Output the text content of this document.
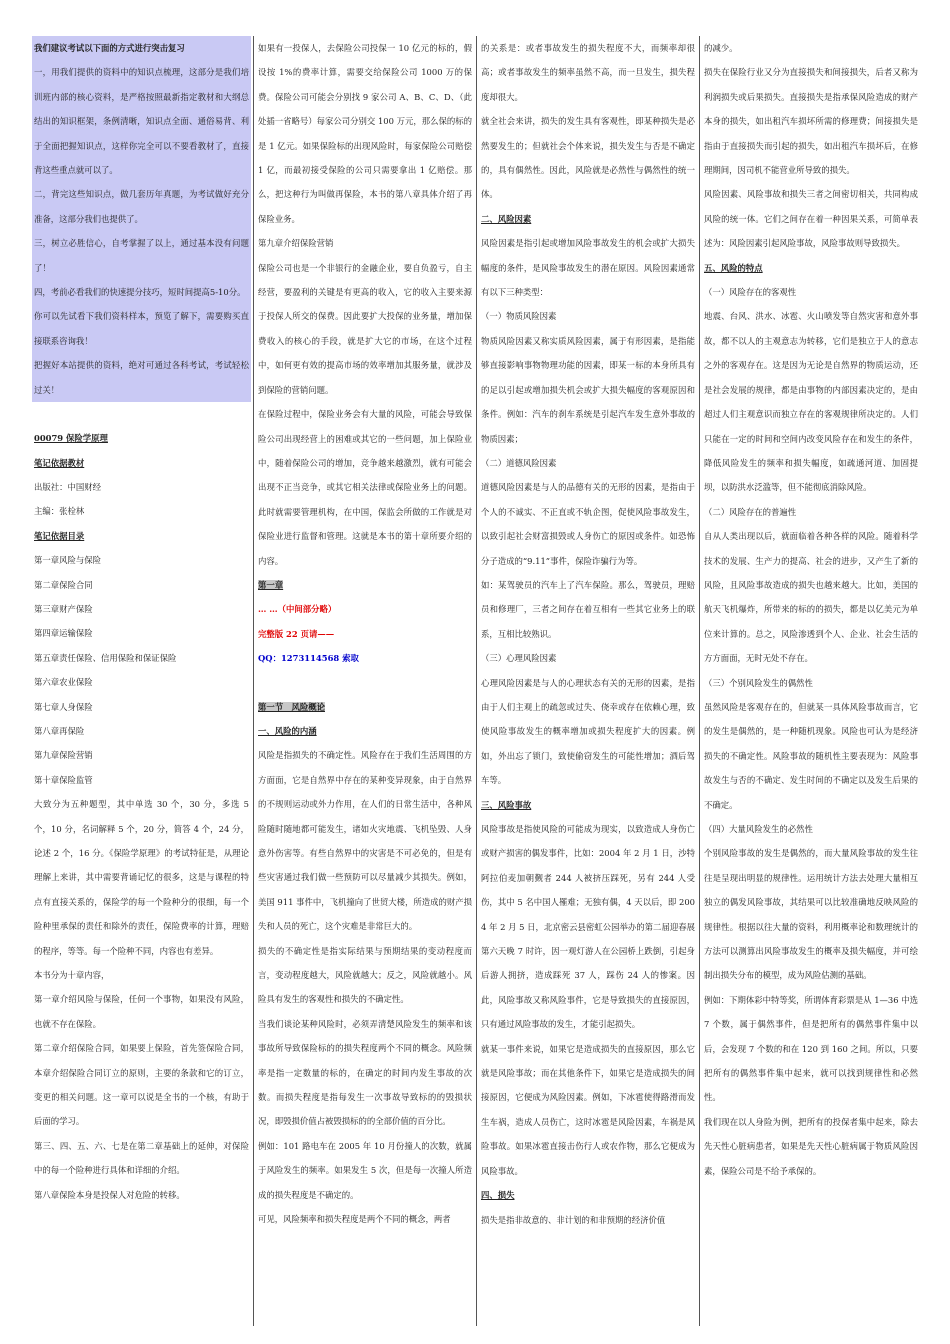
我们建议考试以下面的方式进行突击复习

一，用我们提供的资料中的知识点梳理，这部分是我们培训班内部的核心资料，是严格按照最新指定教材和大纲总结出的知识框架，条例清晰，知识点全面、通俗易背、利于全面把握知识点，这样你完全可以不要看教材了，直接背这些重点就可以了。

二，背完这些知识点，做几套历年真题，为考试做好充分准备，这部分我们也提供了。

三，树立必胜信心，自考掌握了以上，通过基本没有问题了！

四，考前必看我们的快速提分技巧，短时间提高5-10分。

你可以先试看下我们资料样本，预览了解下，需要购买直接联系咨询我！

把握好本站提供的资料，绝对可通过各科考试，考试轻松过关！

00079 保险学原理

笔记依据教材

出版社：中国财经

主编：张栓林

笔记依据目录

第一章风险与保险

第二章保险合同

第三章财产保险

第四章运输保险

第五章责任保险、信用保险和保证保险

第六章农业保险

第七章人身保险

第八章再保险

第九章保险营销

第十章保险监管

大致分为五种题型，其中单选 30 个，30 分，多选 5 个，10 分，名词解释 5 个，20 分，简答 4 个，24 分，论述 2 个，16 分。《保险学原理》的考试特征是，从理论理解上来讲，其中需要背诵记忆的很多，这是与课程的特点有直接关系的，保险学的每一个险种分的很细，每一个险种里承保的责任和除外的责任，保险费率的计算，理赔的程序，等等。每一个险种不同，内容也有差异。

本书分为十章内容，

第一章介绍风险与保险，任何一个事物，如果没有风险，也就不存在保险。

第二章介绍保险合同，如果要上保险，首先签保险合同，本章介绍保险合同订立的原则，主要的条款和它的订立，变更的相关问题。这一章可以说是全书的一个核，有助于后面的学习。

第三、四、五、六、七是在第二章基础上的延伸，对保险中的每一个险种进行具体和详细的介绍。

第八章保险本身是投保人对危险的转移。

如果有一投保人，去保险公司投保一 10 亿元的标的，假设按 1%的费率计算，需要交给保险公司 1000 万的保费。保险公司可能会分别找 9 家公司 A、B、C、D、（此处插一省略号）每家公司分别交 100 万元，那么保的标的是 1 亿元。如果保险标的出现风险时，每家保险公司赔偿 1 亿，而最初接受保险的公司只需要拿出 1 亿赔偿。那么，把这种行为叫做再保险，本书的第八章具体介绍了再保险业务。

第九章介绍保险营销

保险公司也是一个非银行的金融企业，要自负盈亏，自主经营，要盈利的关键是有更高的收入，它的收入主要来源于投保人所交的保费。因此要扩大投保的业务量，增加保费收入的核心的手段，就是扩大它的市场，在这个过程中，如何更有效的提高市场的效率增加其服务量，就涉及到保险的营销问题。

在保险过程中，保险业务会有大量的风险，可能会导致保险公司出现经营上的困难或其它的一些问题，加上保险业中，随着保险公司的增加，竞争越来越激烈，就有可能会出现不正当竞争，或其它相关法律或保险业务上的问题。此时就需要管理机构，在中国，保监会所做的工作就是对保险业进行监督和管理。这就是本书的第十章所要介绍的内容。

第一章

… …（中间部分略）

完整版 22 页请——

QQ：1273114568 索取

第一节　风险概论

一、风险的内涵

风险是指损失的不确定性。风险存在于我们生活周围的方方面面，它是自然界中存在的某种变异现象，由于自然界的不规则运动或外力作用，在人们的日常生活中，各种风险随时随地都可能发生，诸如火灾地震、飞机坠毁、人身意外伤害等。有些自然界中的灾害是不可必免的，但是有些灾害通过我们做一些预防可以尽量减少其损失。例如，美国 911 事件中，飞机撞向了世贸大楼，所造成的财产损失和人员的死亡，这个灾难是非常巨大的。

损失的不确定性是指实际结果与预期结果的变动程度而言，变动程度越大，风险就越大；反之，风险就越小。风险具有发生的客观性和损失的不确定性。

当我们谈论某种风险时，必须弄清楚风险发生的频率和该事故所导致保险标的的损失程度两个不同的概念。风险频率是指一定数量的标的，在确定的时间内发生事故的次数。而损失程度是指每发生一次事故导致标的的毁损状况，即毁损价值占被毁损标的的全部价值的百分比。

例如：101 路电车在 2005 年 10 月份撞人的次数，就属于风险发生的频率。如果发生 5 次，但是每一次撞人所造成的损失程度是不确定的。

可见，风险频率和损失程度是两个不同的概念，两者

的关系是：或者事故发生的损失程度不大，而频率却很高；或者事故发生的频率虽然不高，而一旦发生，损失程度却很大。

就全社会来讲，损失的发生具有客观性，即某种损失是必然要发生的；但就社会个体来说，损失发生与否是不确定的，具有偶然性。因此，风险就是必然性与偶然性的统一体。

二、风险因素

风险因素是指引起或增加风险事故发生的机会或扩大损失幅度的条件，是风险事故发生的潜在原因。风险因素通常有以下三种类型：

（一）物质风险因素

物质风险因素又称实质风险因素，属于有形因素，是指能够直接影响事物物理功能的因素，即某一标的本身所具有的足以引起或增加损失机会或扩大损失幅度的客观原因和条件。例如：汽车的刹车系统是引起汽车发生意外事故的物质因素；

（二）道德风险因素

道德风险因素是与人的品德有关的无形的因素，是指由于个人的不诚实、不正直或不轨企图，促使风险事故发生，以致引起社会财富损毁或人身伤亡的原因或条件。如恐怖分子造成的“9.11”事件，保险诈骗行为等。

如：某驾驶员的汽车上了汽车保险。那么，驾驶员，理赔员和修理厂，三者之间存在着互相有一些其它业务上的联系，互相比较熟识。

（三）心理风险因素

心理风险因素是与人的心理状态有关的无形的因素，是指由于人们主观上的疏忽或过失、侥幸或存在依赖心理，致使风险事故发生的概率增加或损失程度扩大的因素。例如，外出忘了锁门，致使偷窃发生的可能性增加；酒后驾车等。

三、风险事故

风险事故是指使风险的可能成为现实，以致造成人身伤亡或财产损害的偶发事件，比如：2004 年 2 月 1 日，沙特阿拉伯麦加朝觐者 244 人被挤压踩死，另有 244 人受伤，其中 5 名中国人罹难；无独有偶，4 天以后，即 2004 年 2 月 5 日，北京密云县密虹公园举办的第二届迎春展第六天晚 7 时许，因一观灯游人在公园桥上跌倒，引起身后游人拥挤，造成踩死 37 人，踩伤 24 人的惨案。因此，风险事故又称风险事件，它是导致损失的直接原因，只有通过风险事故的发生，才能引起损失。

就某一事件来说，如果它是造成损失的直接原因，那么它就是风险事故；而在其他条件下，如果它是造成损失的间接原因，它便成为风险因素。例如，下冰雹使得路滑而发生车祸，造成人员伤亡，这时冰雹是风险因素，车祸是风险事故。如果冰雹直接击伤行人或农作物，那么它便成为风险事故。

四、损失

损失是指非故意的、非计划的和非预期的经济价值

的减少。

损失在保险行业又分为直接损失和间接损失，后者又称为利润损失或后果损失。直接损失是指承保风险造成的财产本身的损失，如出租汽车损坏所需的修理费；间接损失是指由于直接损失而引起的损失，如出租汽车损坏后，在修理期间，因司机不能营业所导致的损失。

风险因素、风险事故和损失三者之间密切相关，共同构成风险的统一体。它们之间存在着一种因果关系，可简单表述为：风险因素引起风险事故，风险事故则导致损失。

五、风险的特点

（一）风险存在的客观性

地震、台风、洪水、冰雹、火山喷发等自然灾害和意外事故，都不以人的主观意志为转移，它们是独立于人的意志之外的客观存在。这是因为无论是自然界的物质运动，还是社会发展的规律，都是由事物的内部因素决定的，是由超过人们主观意识而独立存在的客观规律所决定的。人们只能在一定的时间和空间内改变风险存在和发生的条件，降低风险发生的频率和损失幅度，如疏通河道、加固提坝，以防洪水泛滥等，但不能彻底消除风险。

（二）风险存在的普遍性

自从人类出现以后，就面临着各种各样的风险。随着科学技术的发展、生产力的提高、社会的进步，又产生了新的风险，且风险事故造成的损失也越来越大。比如，美国的航天飞机爆炸，所带来的标的的损失，都是以亿美元为单位来计算的。总之，风险渗透到个人、企业、社会生活的方方面面，无时无处不存在。

（三）个别风险发生的偶然性

虽然风险是客观存在的，但就某一具体风险事故而言，它的发生是偶然的，是一种随机现象。风险也可认为是经济损失的不确定性。风险事故的随机性主要表现为：风险事故发生与否的不确定、发生时间的不确定以及发生后果的不确定。

（四）大量风险发生的必然性

个别风险事故的发生是偶然的，而大量风险事故的发生往往是呈现出明显的规律性。运用统计方法去处理大量相互独立的偶发风险事故，其结果可以比较准确地反映风险的规律性。根据以往大量的资料，利用概率论和数理统计的方法可以测算出风险事故发生的概率及损失幅度，并可绘制出损失分布的模型，成为风险估测的基础。

例如：下期体彩中特等奖，所谓体育彩票是从 1—36 中选 7 个数，属于偶然事件，但是把所有的偶然事件集中以后，会发现 7 个数的和在 120 到 160 之间。所以，只要把所有的偶然事件集中起来，就可以找到规律性和必然性。

我们现在以人身险为例，把所有的投保者集中起来，除去先天性心脏病患者，如果是先天性心脏病属于物质风险因素，保险公司是不给予承保的。
